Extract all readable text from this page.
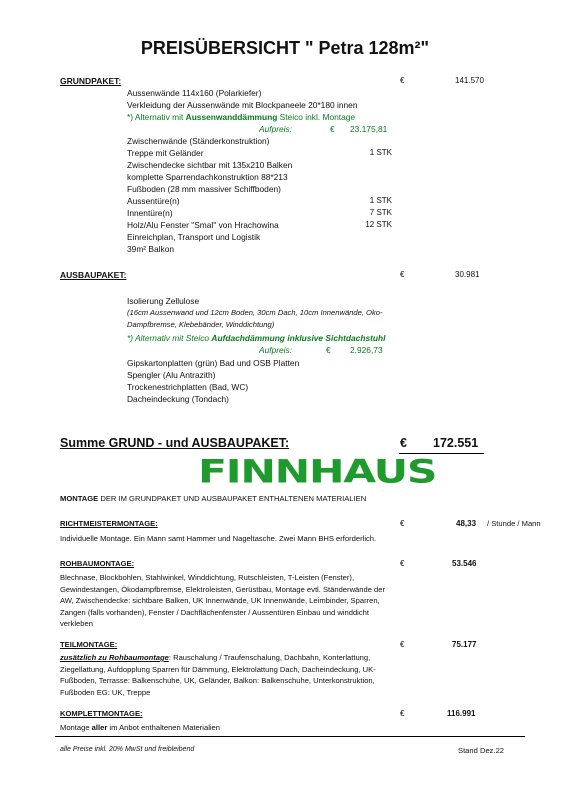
PREISÜBERSICHT " Petra 128m²"
GRUNDPAKET:	€	141.570
Aussenwände 114x160 (Polarkiefer)
Verkleidung der Aussenwände mit Blockpaneele 20*180 innen
*) Alternativ mit Aussenwanddämmung Steico inkl. Montage
Aufpreis:	€ 23.175,81
Zwischenwände (Ständerkonstruktion)
Treppe mit Geländer	1 STK
Zwischendecke sichtbar mit 135x210 Balken
komplette Sparrendachkonstruktion 88*213
Fußboden (28 mm massiver Schiffboden)
Aussentüre(n)	1 STK
Innentüre(n)	7 STK
Holz/Alu Fenster "Smal" von Hrachowina	12 STK
Einreichplan, Transport und Logistik
39m² Balkon
AUSBAUPAKET:	€	30.981
Isolierung Zellulose
(16cm Aussenwand und 12cm Boden, 30cm Dach, 10cm Innenwände, Oko-
Dampfbremse, Klebebänder, Winddichtung)
*) Alternativ mit Steico Aufdachdämmung inklusive Sichtdachstuhl
Aufpreis:	€ 2.926,73
Gipskartonplatten (grün) Bad und OSB Platten
Spengler (Alu Antrazith)
Trockenestrichplatten (Bad, WC)
Dacheindeckung (Tondach)
Summe GRUND - und AUSBAUPAKET:	€ 172.551
FINNHAUS
MONTAGE DER IM GRUNDPAKET UND AUSBAUPAKET ENTHALTENEN MATERIALIEN
RICHTMEISTERMONTAGE:	€	48,33 / Stunde / Mann
Individuelle Montage. Ein Mann samt Hammer und Nageltasche. Zwei Mann BHS erforderlich.
ROHBAUMONTAGE:	€	53.546
Blechnase, Blockbohlen, Stahlwinkel, Winddichtung, Rutschleisten, T-Leisten (Fenster), Gewindestangen, Ökodampfbremse, Elektroleisten, Gerüstbau, Montage evtl. Ständerwände der AW, Zwischendecke: sichtbare Balken, UK Innenwände, UK Innenwände, Leimbinder, Sparren, Zangen (falls vorhanden), Fenster / Dachflächenfenster / Aussentüren Einbau und winddicht verkleben
TEILMONTAGE:	€	75.177
zusätzlich zu Rohbaumontage: Rauschalung / Traufenschalung, Dachbahn, Konterlattung, Ziegellattung, Aufdopplung Sparren für Dämmung, Elektrolattung Dach, Dacheindeckung, UK-Fußboden, Terrasse: Balkenschuhe, UK, Geländer, Balkon: Balkenschuhe, Unterkonstruktion, Fußboden EG: UK, Treppe
KOMPLETTMONTAGE:	€	116.991
Montage aller im Anbot enthaltenen Materialien
alle Preise inkl. 20% MwSt und freibleibend	Stand Dez.22
